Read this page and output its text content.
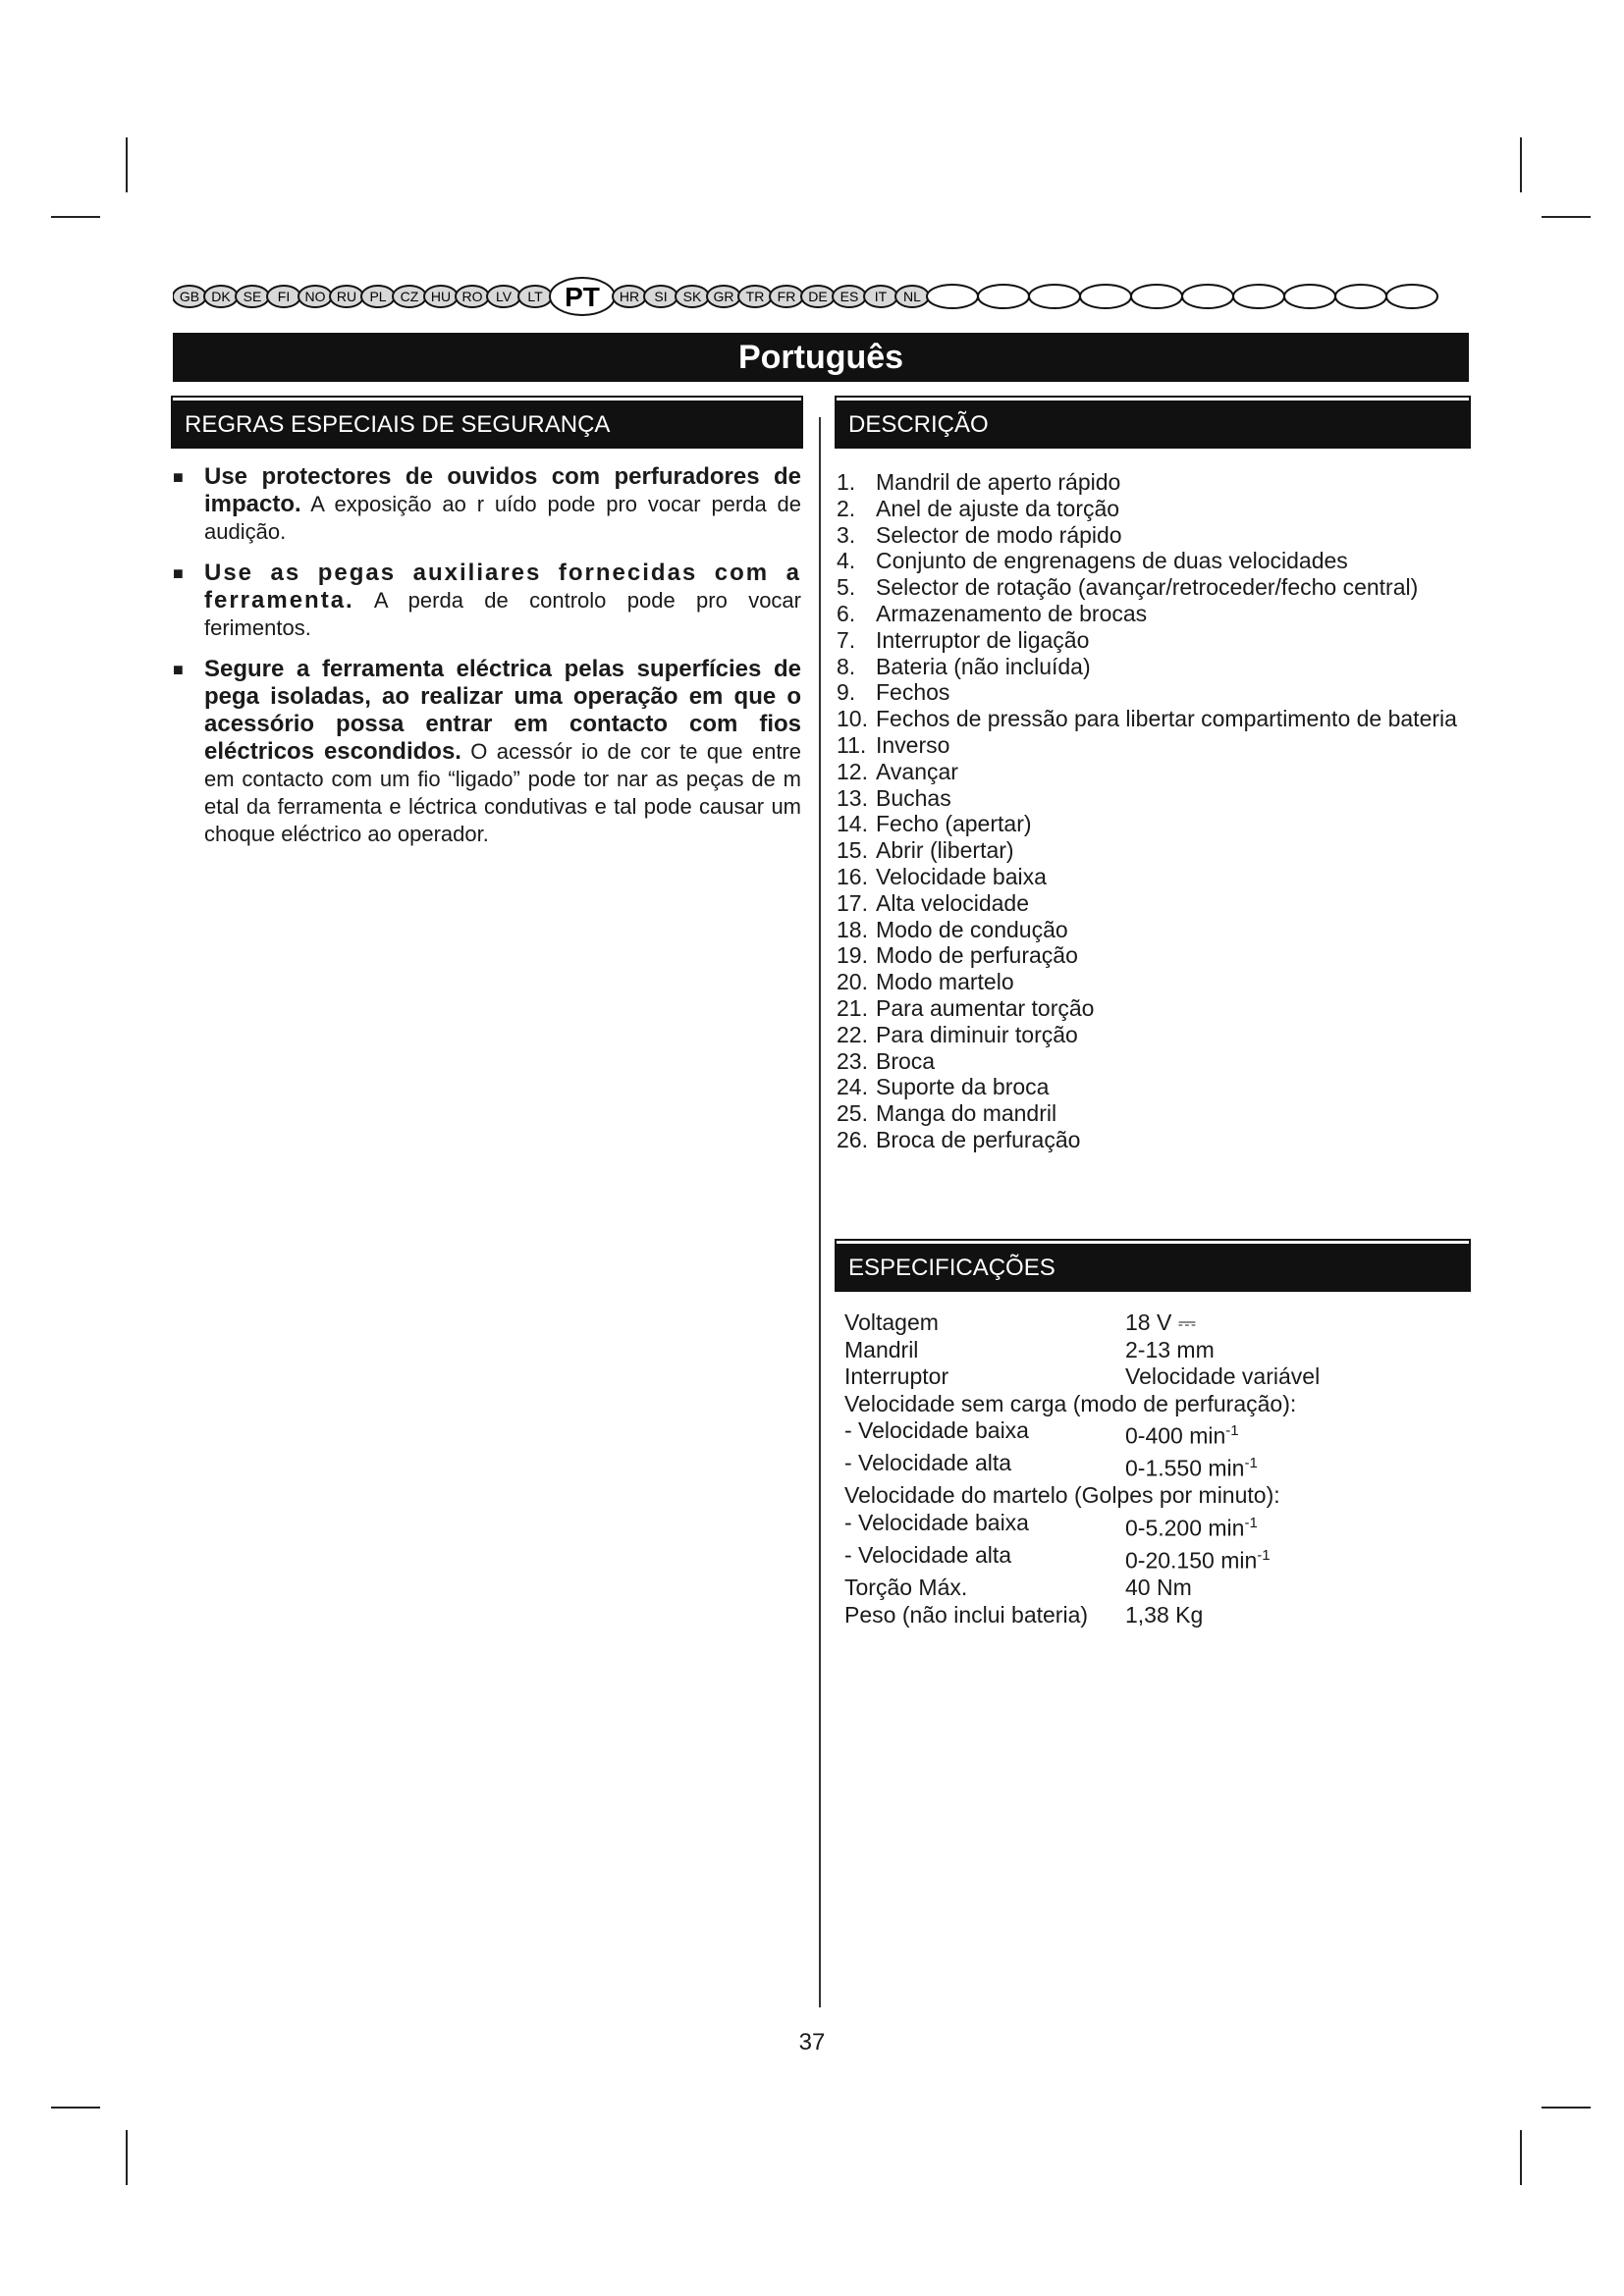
GB DK SE FI NO RU PL CZ HU RO LV LT PT HR SI SK GR TR FR DE ES IT NL
Português
REGRAS ESPECIAIS DE SEGURANÇA
■ Use protectores de ouvidos com perfuradores de impacto. A exposição ao r uído pode pro vocar perda de audição.
■ Use as pegas auxiliares fornecidas com a ferramenta. A perda de controlo pode pro vocar ferimentos.
■ Segure a ferramenta eléctrica pelas superfícies de pega isoladas, ao realizar uma operação em que o acessório possa entrar em contacto com fios eléctricos escondidos. O acessór io de cor te que entre em contacto com um fio “ligado” pode tor nar as peças de m etal da ferramenta e léctrica condutivas e tal pode causar um choque eléctrico ao operador.
DESCRIÇÃO
1. Mandril de aperto rápido
2. Anel de ajuste da torção
3. Selector de modo rápido
4. Conjunto de engrenagens de duas velocidades
5. Selector de rotação (avançar/retroceder/fecho central)
6. Armazenamento de brocas
7. Interruptor de ligação
8. Bateria (não incluída)
9. Fechos
10. Fechos de pressão para libertar compartimento de bateria
11. Inverso
12. Avançar
13. Buchas
14. Fecho (apertar)
15. Abrir (libertar)
16. Velocidade baixa
17. Alta velocidade
18. Modo de condução
19. Modo de perfuração
20. Modo martelo
21. Para aumentar torção
22. Para diminuir torção
23. Broca
24. Suporte da broca
25. Manga do mandril
26. Broca de perfuração
ESPECIFICAÇÕES
Voltagem	18 V ⎓
Mandril	2-13 mm
Interruptor	Velocidade variável
Velocidade sem carga (modo de perfuração):
- Velocidade baixa	0-400 $\min^{-1}$
- Velocidade alta	0-1.550 $\min^{-1}$
Velocidade do martelo (Golpes por minuto):
- Velocidade baixa	0-5.200 $\min^{-1}$
- Velocidade alta	0-20.150 $\min^{-1}$
Torção Máx.	40 Nm
Peso (não inclui bateria)	1,38 Kg
37
